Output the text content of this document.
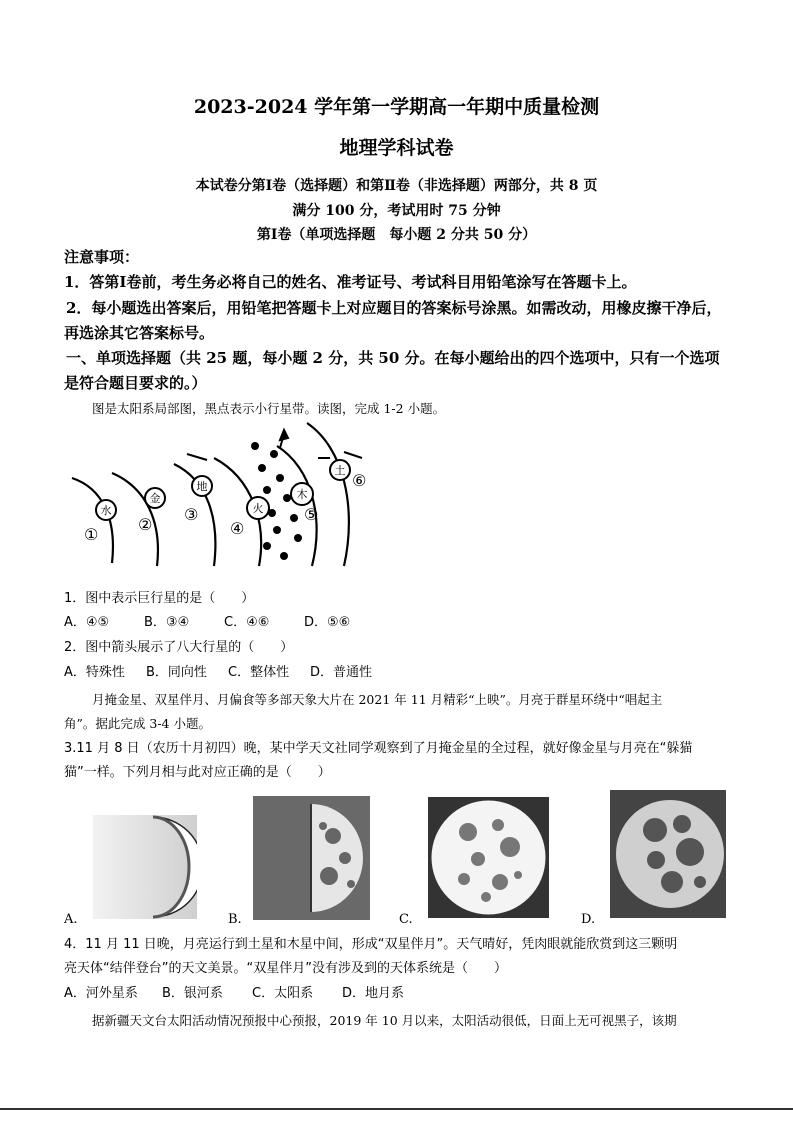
2023-2024 学年第一学期高一年期中质量检测
地理学科试卷
本试卷分第Ⅰ卷（选择题）和第Ⅱ卷（非选择题）两部分，共 8 页
满分 100 分，考试用时 75 分钟
第Ⅰ卷（单项选择题　每小题 2 分共 50 分）
注意事项：
1．答第Ⅰ卷前，考生务必将自己的姓名、准考证号、考试科目用铅笔涂写在答题卡上。
2．每小题选出答案后，用铅笔把答题卡上对应题目的答案标号涂黑。如需改动，用橡皮擦干净后，
再选涂其它答案标号。
一、单项选择题（共 25 题，每小题 2 分，共 50 分。在每小题给出的四个选项中，只有一个选项
是符合题目要求的。）
图是太阳系局部图，黑点表示小行星带。读图，完成 1-2 小题。
水
金
地
火
木
土
①
②
③
④
⑤
⑥
1．图中表示巨行星的是（　　）
A．④⑤	B．③④	C．④⑥	D．⑤⑥
2．图中箭头展示了八大行星的（　　）
A．特殊性 B．同向性 C．整体性 D．普通性
月掩金星、双星伴月、月偏食等多部天象大片在 2021 年 11 月精彩“上映”。月亮于群星环绕中“唱起主
角”。据此完成 3-4 小题。
3.11 月 8 日（农历十月初四）晚，某中学天文社同学观察到了月掩金星的全过程，就好像金星与月亮在“躲猫
猫”一样。下列月相与此对应正确的是（　　）
A.	B.	C.	D.
4．11 月 11 日晚，月亮运行到土星和木星中间，形成“双星伴月”。天气晴好，凭肉眼就能欣赏到这三颗明
亮天体“结伴登台”的天文美景。“双星伴月”没有涉及到的天体系统是（　　）
A．河外星系 B．银河系 C．太阳系 D．地月系
据新疆天文台太阳活动情况预报中心预报，2019 年 10 月以来，太阳活动很低，日面上无可视黑子，该期
